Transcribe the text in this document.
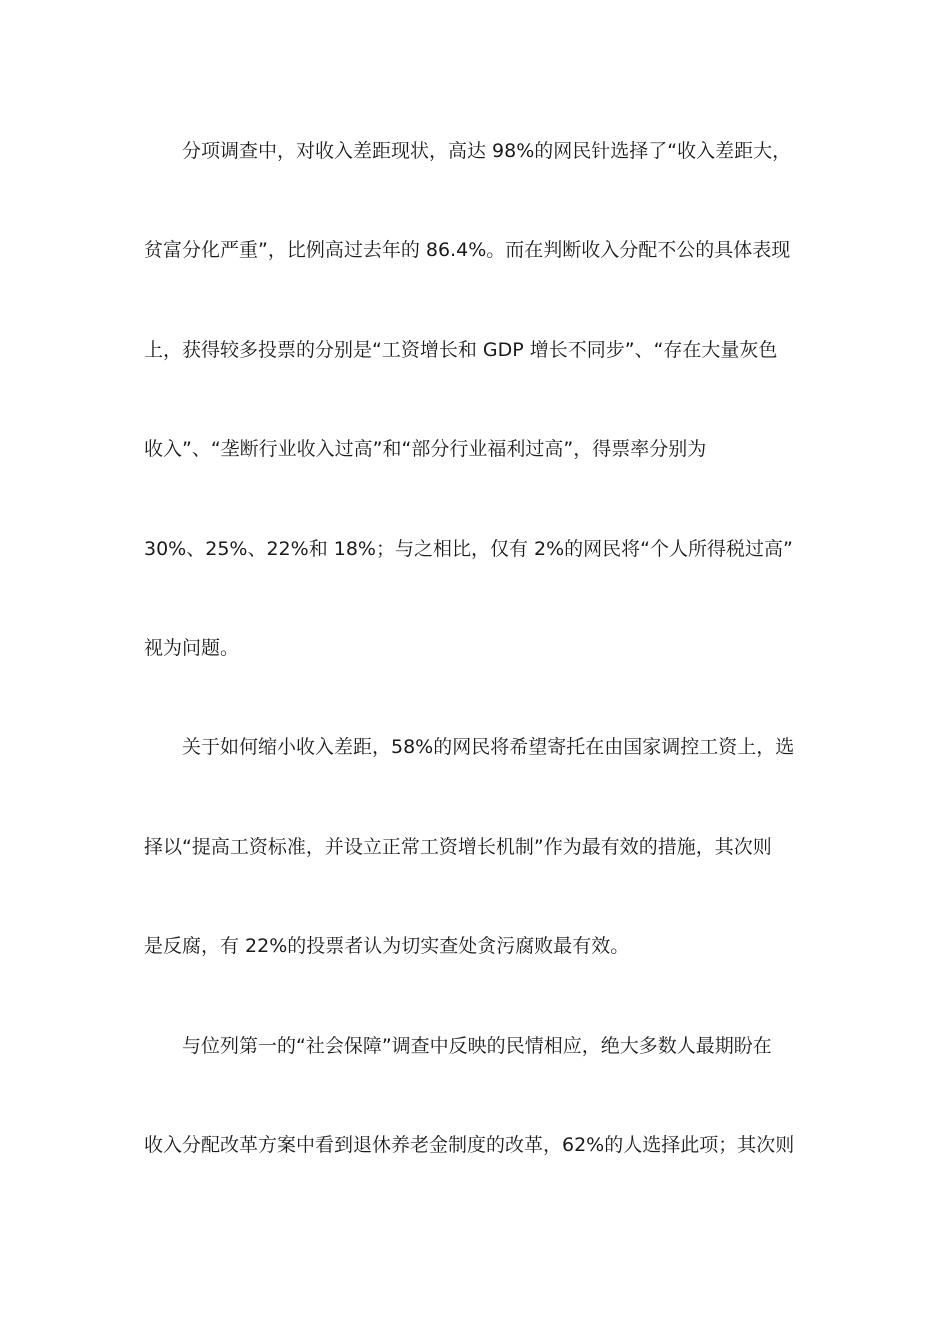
分项调查中，对收入差距现状，高达 98%的网民针选择了“收入差距大，
贫富分化严重”，比例高过去年的 86.4%。而在判断收入分配不公的具体表现
上，获得较多投票的分别是“工资增长和 GDP 增长不同步”、“存在大量灰色
收入”、“垄断行业收入过高”和“部分行业福利过高”，得票率分别为
30%、25%、22%和 18%；与之相比，仅有 2%的网民将“个人所得税过高”
视为问题。
关于如何缩小收入差距，58%的网民将希望寄托在由国家调控工资上，选
择以“提高工资标准，并设立正常工资增长机制”作为最有效的措施，其次则
是反腐，有 22%的投票者认为切实查处贪污腐败最有效。
与位列第一的“社会保障”调查中反映的民情相应，绝大多数人最期盼在
收入分配改革方案中看到退休养老金制度的改革，62%的人选择此项；其次则
